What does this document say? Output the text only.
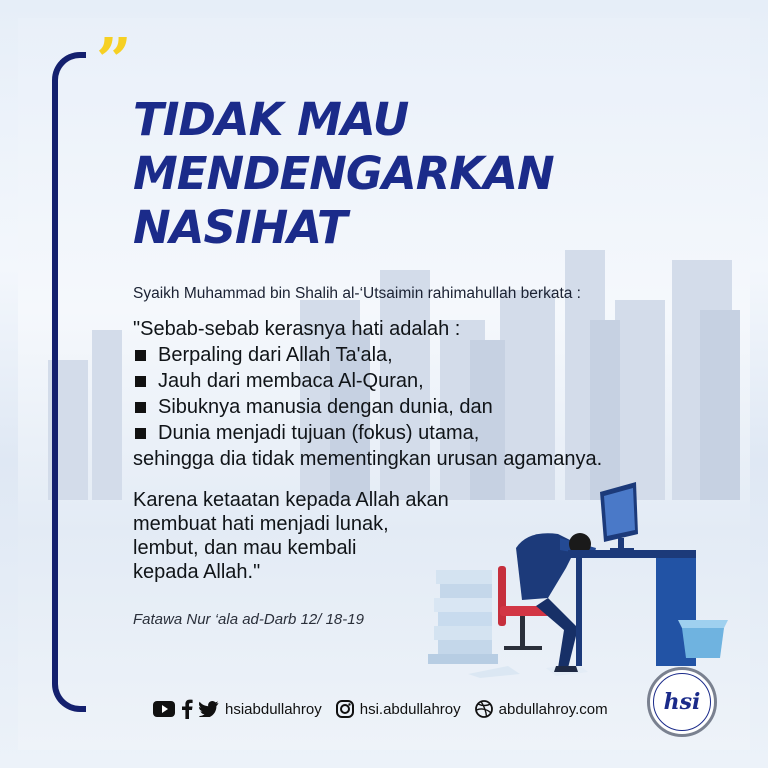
”
TIDAK MAU
MENDENGARKAN
NASIHAT
Syaikh Muhammad bin Shalih al-‘Utsaimin rahimahullah berkata :
"Sebab-sebab kerasnya hati adalah :
Berpaling dari Allah Ta'ala,
Jauh dari membaca Al-Quran,
Sibuknya manusia dengan dunia, dan
Dunia menjadi tujuan (fokus) utama,
sehingga dia tidak mementingkan urusan agamanya.
Karena ketaatan kepada Allah akan
membuat hati menjadi lunak,
lembut, dan mau kembali
kepada Allah."
Fatawa Nur ‘ala ad-Darb 12/ 18-19
hsiabdullahroy	hsi.abdullahroy	abdullahroy.com	hsi
